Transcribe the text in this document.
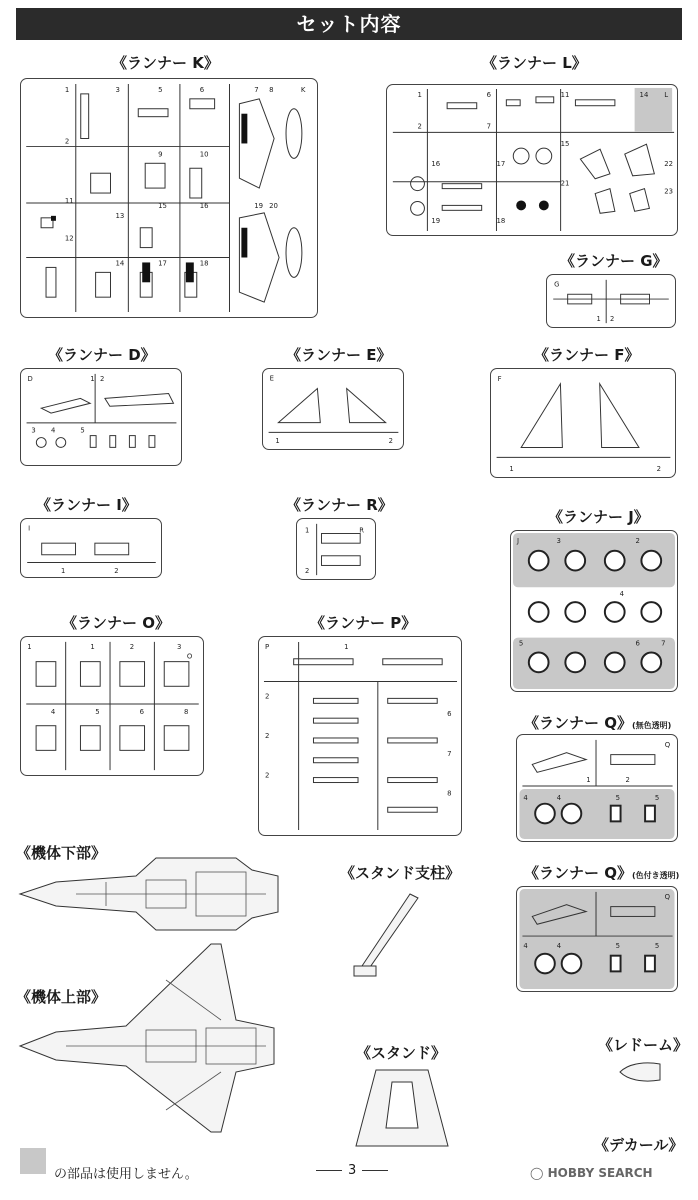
セット内容
《ランナー K》
1	3	5	6	7 8	K
2
9	10
11
13
15	16	19 20
12
14	17	18
《ランナー L》
1	6	11	14 L
2	7
16	17
15
21
22
19	18
23
《ランナー G》
G
1 2
《ランナー D》
D	1 2
3 4	5
《ランナー E》
E
1	2
《ランナー F》
F
1	2
《ランナー I》
I
1	2
《ランナー R》
1	R
2
《ランナー J》
J	3	2
4
5	6	7
《ランナー O》
1	1	2	3
O
4	5	6	8
《ランナー P》
P	1
2
2
2
6
7
8
《ランナー Q》(無色透明)
Q
1	2
4	4	5	5
《ランナー Q》(色付き透明)
Q
4	4	5	5
《機体下部》
《機体上部》
《スタンド支柱》
《スタンド》	《レドーム》
《デカール》
の部品は使用しません。	3	◯ HOBBY SEARCH
